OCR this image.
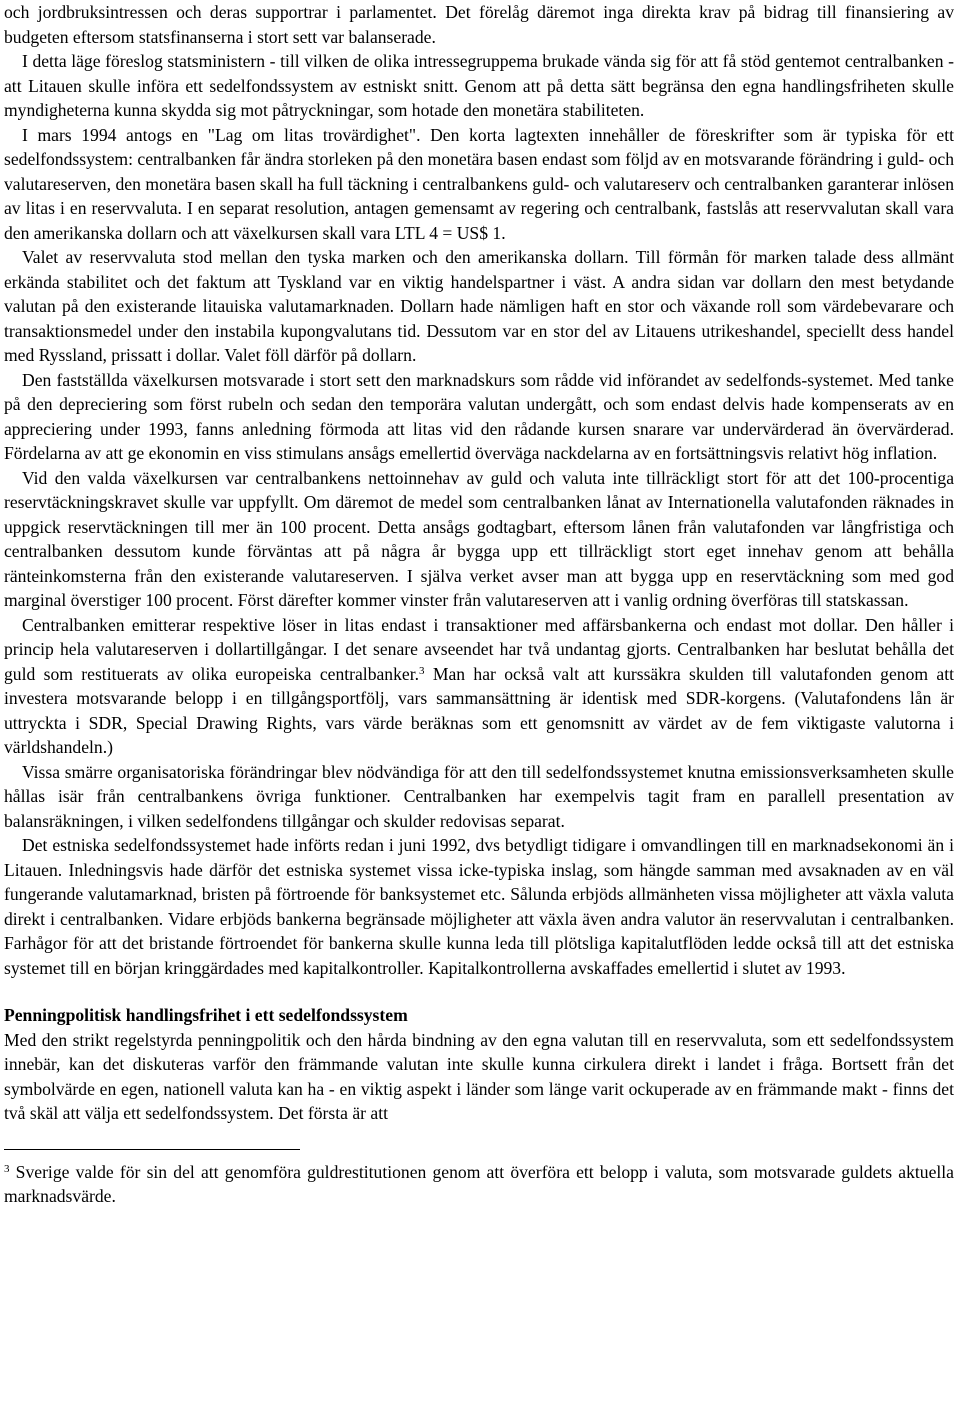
och jordbruksintressen och deras supportrar i parlamentet. Det förelåg däremot inga direkta krav på bidrag till finansiering av budgeten eftersom statsfinanserna i stort sett var balanserade.

I detta läge föreslog statsministern - till vilken de olika intressegruppema brukade vända sig för att få stöd gentemot centralbanken - att Litauen skulle införa ett sedelfondssystem av estniskt snitt. Genom att på detta sätt begränsa den egna handlingsfriheten skulle myndigheterna kunna skydda sig mot påtryckningar, som hotade den monetära stabiliteten.

I mars 1994 antogs en "Lag om litas trovärdighet". Den korta lagtexten innehåller de föreskrifter som är typiska för ett sedelfondssystem: centralbanken får ändra storleken på den monetära basen endast som följd av en motsvarande förändring i guld- och valutareserven, den monetära basen skall ha full täckning i centralbankens guld- och valutareserv och centralbanken garanterar inlösen av litas i en reservvaluta. I en separat resolution, antagen gemensamt av regering och centralbank, fastslås att reservvalutan skall vara den amerikanska dollarn och att växelkursen skall vara LTL 4 = US$ 1.

Valet av reservvaluta stod mellan den tyska marken och den amerikanska dollarn. Till förmån för marken talade dess allmänt erkända stabilitet och det faktum att Tyskland var en viktig handelspartner i väst. A andra sidan var dollarn den mest betydande valutan på den existerande litauiska valutamarknaden. Dollarn hade nämligen haft en stor och växande roll som värdebevarare och transaktionsmedel under den instabila kupongvalutans tid. Dessutom var en stor del av Litauens utrikeshandel, speciellt dess handel med Ryssland, prissatt i dollar. Valet föll därför på dollarn.

Den fastställda växelkursen motsvarade i stort sett den marknadskurs som rådde vid införandet av sedelfonds-systemet. Med tanke på den depreciering som först rubeln och sedan den temporära valutan undergått, och som endast delvis hade kompenserats av en appreciering under 1993, fanns anledning förmoda att litas vid den rådande kursen snarare var undervärderad än övervärderad. Fördelarna av att ge ekonomin en viss stimulans ansågs emellertid överväga nackdelarna av en fortsättningsvis relativt hög inflation.

Vid den valda växelkursen var centralbankens nettoinnehav av guld och valuta inte tillräckligt stort för att det 100-procentiga reservtäckningskravet skulle var uppfyllt. Om däremot de medel som centralbanken lånat av Internationella valutafonden räknades in uppgick reservtäckningen till mer än 100 procent. Detta ansågs godtagbart, eftersom lånen från valutafonden var långfristiga och centralbanken dessutom kunde förväntas att på några år bygga upp ett tillräckligt stort eget innehav genom att behålla ränteinkomsterna från den existerande valutareserven. I själva verket avser man att bygga upp en reservtäckning som med god marginal överstiger 100 procent. Först därefter kommer vinster från valutareserven att i vanlig ordning överföras till statskassan.

Centralbanken emitterar respektive löser in litas endast i transaktioner med affärsbankerna och endast mot dollar. Den håller i princip hela valutareserven i dollartillgångar. I det senare avseendet har två undantag gjorts. Centralbanken har beslutat behålla det guld som restituerats av olika europeiska centralbanker.$^3$ Man har också valt att kurssäkra skulden till valutafonden genom att investera motsvarande belopp i en tillgångsportfölj, vars sammansättning är identisk med SDR-korgens. (Valutafondens lån är uttryckta i SDR, Special Drawing Rights, vars värde beräknas som ett genomsnitt av värdet av de fem viktigaste valutorna i världshandeln.)

Vissa smärre organisatoriska förändringar blev nödvändiga för att den till sedelfondssystemet knutna emissionsverksamheten skulle hållas isär från centralbankens övriga funktioner. Centralbanken har exempelvis tagit fram en parallell presentation av balansräkningen, i vilken sedelfondens tillgångar och skulder redovisas separat.

Det estniska sedelfondssystemet hade införts redan i juni 1992, dvs betydligt tidigare i omvandlingen till en marknadsekonomi än i Litauen. Inledningsvis hade därför det estniska systemet vissa icke-typiska inslag, som hängde samman med avsaknaden av en väl fungerande valutamarknad, bristen på förtroende för banksystemet etc. Sålunda erbjöds allmänheten vissa möjligheter att växla valuta direkt i centralbanken. Vidare erbjöds bankerna begränsade möjligheter att växla även andra valutor än reservvalutan i centralbanken. Farhågor för att det bristande förtroendet för bankerna skulle kunna leda till plötsliga kapitalutflöden ledde också till att det estniska systemet till en början kringgärdades med kapitalkontroller. Kapitalkontrollerna avskaffades emellertid i slutet av 1993.

Penningpolitisk handlingsfrihet i ett sedelfondssystem

Med den strikt regelstyrda penningpolitik och den hårda bindning av den egna valutan till en reservvaluta, som ett sedelfondssystem innebär, kan det diskuteras varför den främmande valutan inte skulle kunna cirkulera direkt i landet i fråga. Bortsett från det symbolvärde en egen, nationell valuta kan ha - en viktig aspekt i länder som länge varit ockuperade av en främmande makt - finns det två skäl att välja ett sedelfondssystem. Det första är att

$^3$ Sverige valde för sin del att genomföra guldrestitutionen genom att överföra ett belopp i valuta, som motsvarade guldets aktuella marknadsvärde.
